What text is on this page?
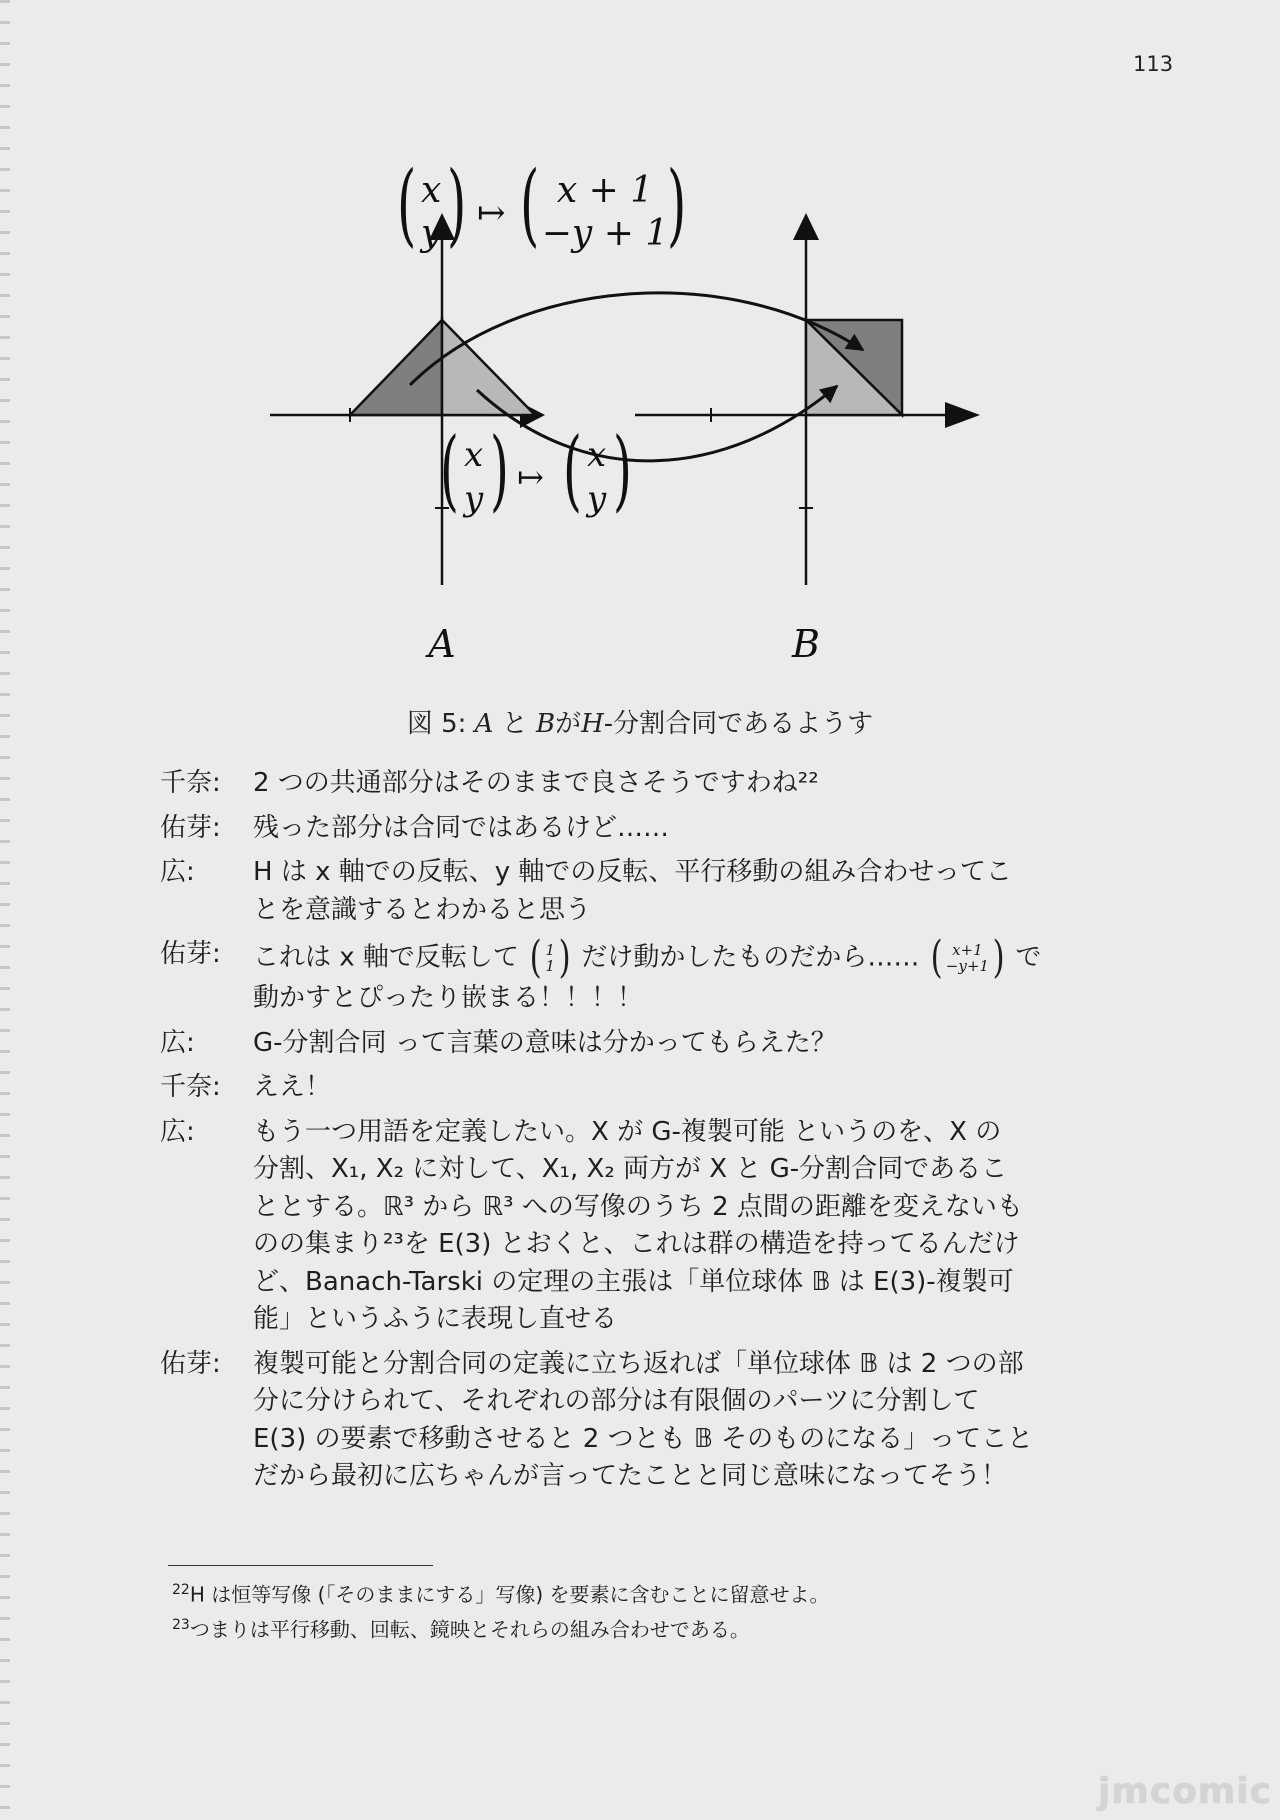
113
( x
y ) ↦ ( x + 1
−y + 1
)
( x
y ) ↦ ( x
y )
A	B
図 5: A と BがH-分割合同であるようす
千奈:	2 つの共通部分はそのままで良さそうですわね²²
佑芽:	残った部分は合同ではあるけど……
広:	H は x 軸での反転、y 軸での反転、平行移動の組み合わせってこ
とを意識するとわかると思う
佑芽:	これは x 軸で反転して ( 1
1 ) だけ動かしたものだから…… ( x+1
−y+1 ) で
動かすとぴったり嵌まる！！！！
広:	G-分割合同 って言葉の意味は分かってもらえた？
千奈:	ええ！
広:	もう一つ用語を定義したい。X が G-複製可能 というのを、X の
分割、X₁, X₂ に対して、X₁, X₂ 両方が X と G-分割合同であるこ
ととする。ℝ³ から ℝ³ への写像のうち 2 点間の距離を変えないも
のの集まり²³を E(3) とおくと、これは群の構造を持ってるんだけ
ど、Banach-Tarski の定理の主張は「単位球体 𝔹 は E(3)-複製可
能」というふうに表現し直せる
佑芽:	複製可能と分割合同の定義に立ち返れば「単位球体 𝔹 は 2 つの部
分に分けられて、それぞれの部分は有限個のパーツに分割して
E(3) の要素で移動させると 2 つとも 𝔹 そのものになる」ってこと
だから最初に広ちゃんが言ってたことと同じ意味になってそう！
$^{22}$H は恒等写像 (「そのままにする」写像) を要素に含むことに留意せよ。
$^{23}$つまりは平行移動、回転、鏡映とそれらの組み合わせである。
jmcomic
